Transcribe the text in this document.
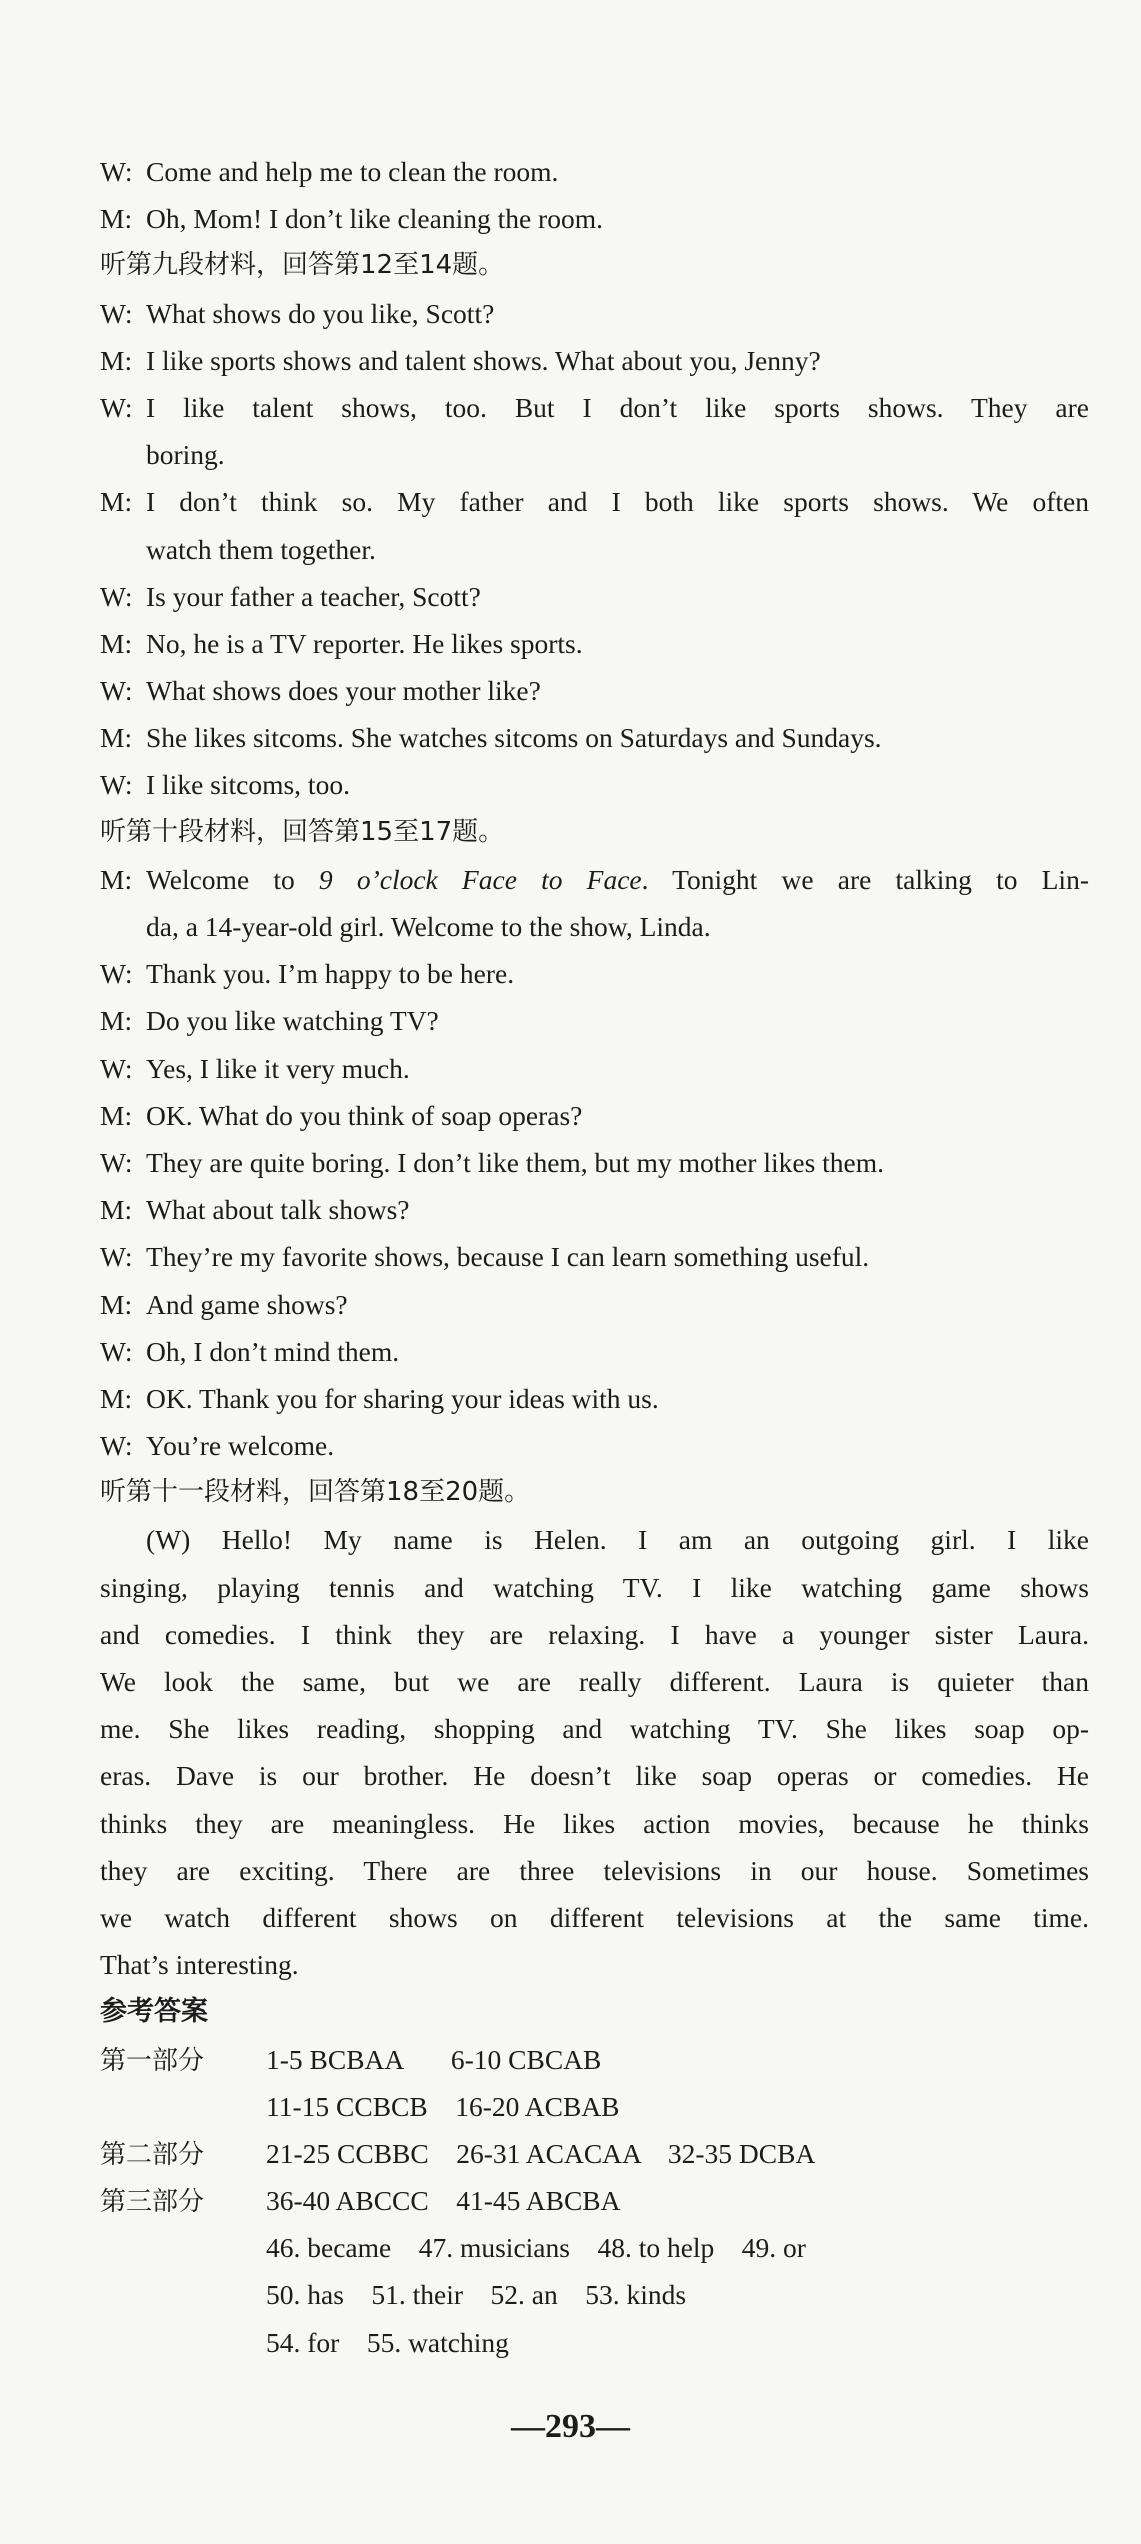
W: Come and help me to clean the room.
M: Oh, Mom! I don’t like cleaning the room.
听第九段材料，回答第12至14题。
W: What shows do you like, Scott?
M: I like sports shows and talent shows. What about you, Jenny?
W: I like talent shows, too. But I don’t like sports shows. They are
boring.
M: I don’t think so. My father and I both like sports shows. We often
watch them together.
W: Is your father a teacher, Scott?
M: No, he is a TV reporter. He likes sports.
W: What shows does your mother like?
M: She likes sitcoms. She watches sitcoms on Saturdays and Sundays.
W: I like sitcoms, too.
听第十段材料，回答第15至17题。
M: Welcome to 9 o’clock Face to Face. Tonight we are talking to Lin-
da, a 14-year-old girl. Welcome to the show, Linda.
W: Thank you. I’m happy to be here.
M: Do you like watching TV?
W: Yes, I like it very much.
M: OK. What do you think of soap operas?
W: They are quite boring. I don’t like them, but my mother likes them.
M: What about talk shows?
W: They’re my favorite shows, because I can learn something useful.
M: And game shows?
W: Oh, I don’t mind them.
M: OK. Thank you for sharing your ideas with us.
W: You’re welcome.
听第十一段材料，回答第18至20题。
(W) Hello! My name is Helen. I am an outgoing girl. I like
singing, playing tennis and watching TV. I like watching game shows
and comedies. I think they are relaxing. I have a younger sister Laura.
We look the same, but we are really different. Laura is quieter than
me. She likes reading, shopping and watching TV. She likes soap op-
eras. Dave is our brother. He doesn’t like soap operas or comedies. He
thinks they are meaningless. He likes action movies, because he thinks
they are exciting. There are three televisions in our house. Sometimes
we watch different shows on different televisions at the same time.
That’s interesting.
参考答案
第一部分	1-5 BCBAA       6-10 CBCAB
11-15 CCBCB    16-20 ACBAB
第二部分	21-25 CCBBC    26-31 ACACAA    32-35 DCBA
第三部分	36-40 ABCCC    41-45 ABCBA
46. became    47. musicians    48. to help    49. or
50. has    51. their    52. an    53. kinds
54. for    55. watching
—293—
